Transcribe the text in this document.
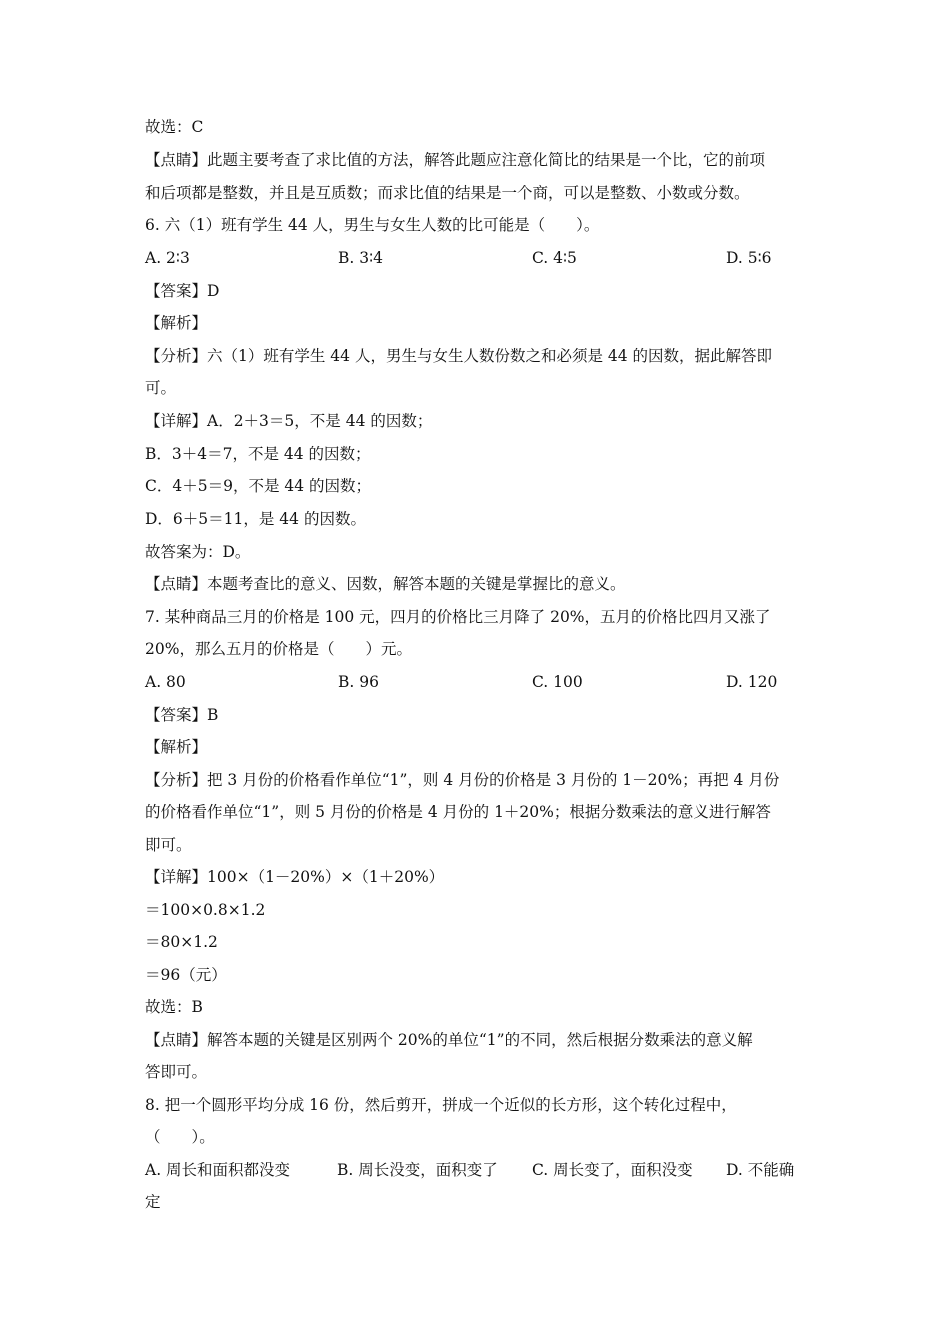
故选：C
【点睛】此题主要考查了求比值的方法，解答此题应注意化简比的结果是一个比，它的前项
和后项都是整数，并且是互质数；而求比值的结果是一个商，可以是整数、小数或分数。
6. 六（1）班有学生 44 人，男生与女生人数的比可能是（　　）。
A. 2∶3	B. 3∶4	C. 4∶5	D. 5∶6
【答案】D
【解析】
【分析】六（1）班有学生 44 人，男生与女生人数份数之和必须是 44 的因数，据此解答即
可。
【详解】A．2＋3＝5，不是 44 的因数；
B．3＋4＝7，不是 44 的因数；
C．4＋5＝9，不是 44 的因数；
D．6＋5＝11，是 44 的因数。
故答案为：D。
【点睛】本题考查比的意义、因数，解答本题的关键是掌握比的意义。
7. 某种商品三月的价格是 100 元，四月的价格比三月降了 20%，五月的价格比四月又涨了
20%，那么五月的价格是（　　）元。
A. 80	B. 96	C. 100	D. 120
【答案】B
【解析】
【分析】把 3 月份的价格看作单位“1”，则 4 月份的价格是 3 月份的 1－20%；再把 4 月份
的价格看作单位“1”，则 5 月份的价格是 4 月份的 1＋20%；根据分数乘法的意义进行解答
即可。
【详解】100×（1－20%）×（1＋20%）
＝100×0.8×1.2
＝80×1.2
＝96（元）
故选：B
【点睛】解答本题的关键是区别两个 20%的单位“1”的不同，然后根据分数乘法的意义解
答即可。
8. 把一个圆形平均分成 16 份，然后剪开，拼成一个近似的长方形，这个转化过程中，
（　　）。
A. 周长和面积都没变	B. 周长没变，面积变了 C. 周长变了，面积没变 D. 不能确
定
